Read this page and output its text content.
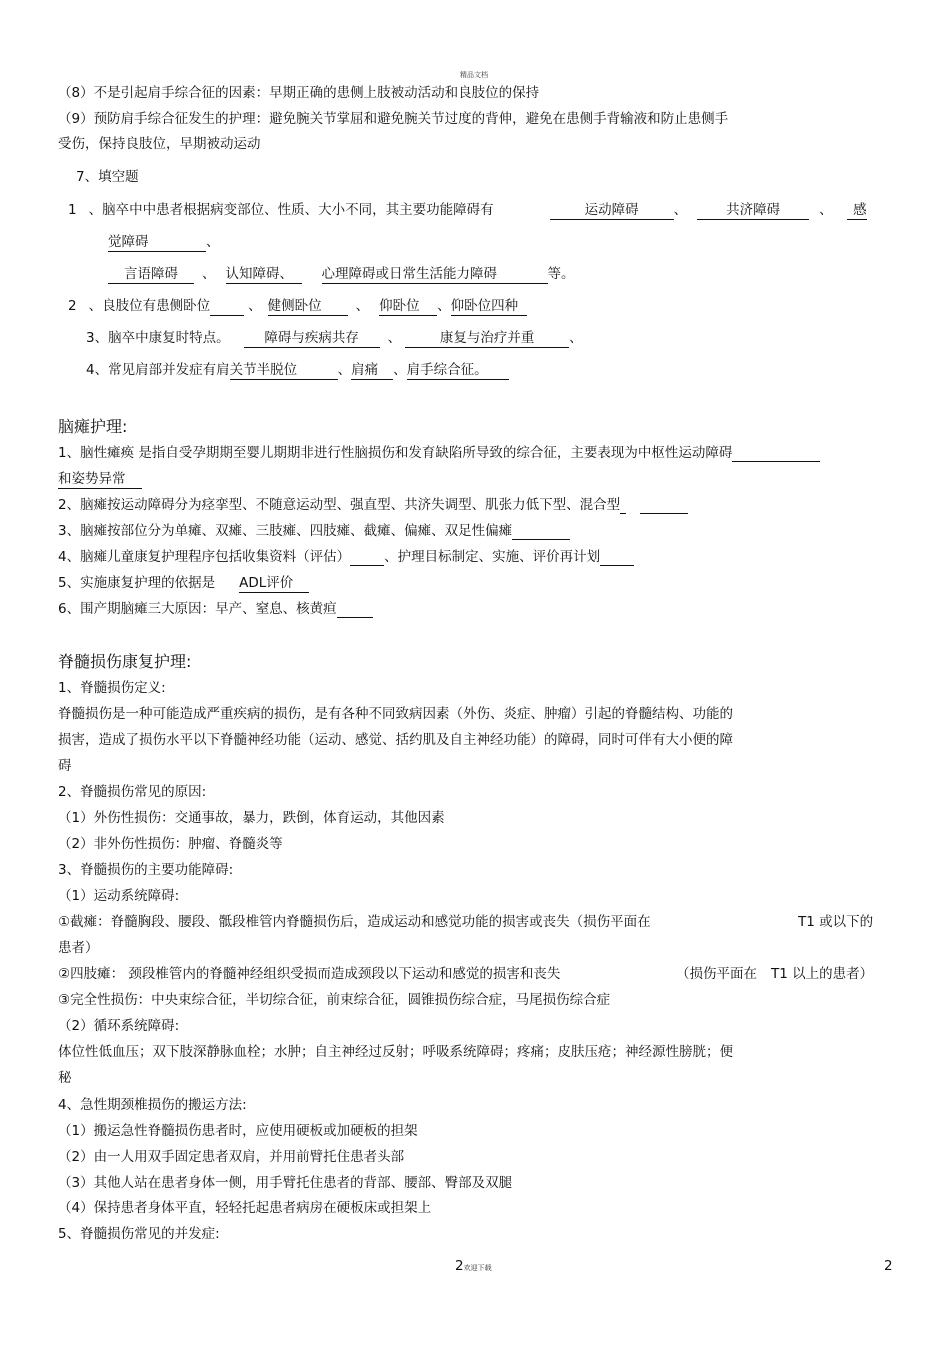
精品文档
（8）不是引起肩手综合征的因素：早期正确的患侧上肢被动活动和良肢位的保持
（9）预防肩手综合征发生的护理：避免腕关节掌屈和避免腕关节过度的背伸，避免在患侧手背输液和防止患侧手
受伤，保持良肢位，早期被动运动
7、填空题
1 、脑卒中中患者根据病变部位、性质、大小不同，其主要功能障碍有	运动障碍	、	共济障碍	、 感
觉障碍	、
言语障碍 、 认知障碍、 心理障碍或日常生活能力障碍	等。
2 、良肢位有患侧卧位	、 健侧卧位	、 仰卧位 、仰卧位四种
3、脑卒中康复时特点。	障碍与疾病共存 、	康复与治疗并重	、
4、常见肩部并发症有肩关节半脱位	、肩痛 、肩手综合征。
脑瘫护理:
1、脑性瘫痪 是指自受孕期期至婴儿期期非进行性脑损伤和发育缺陷所导致的综合征，主要表现为中枢性运动障碍
和姿势异常
2、脑瘫按运动障碍分为痉挛型、不随意运动型、强直型、共济失调型、肌张力低下型、混合型
3、脑瘫按部位分为单瘫、双瘫、三肢瘫、四肢瘫、截瘫、偏瘫、双足性偏瘫
4、脑瘫儿童康复护理程序包括收集资料（评估）	、护理目标制定、实施、评价再计划
5、实施康复护理的依据是 ADL评价
6、围产期脑瘫三大原因：早产、窒息、核黄疸
脊髓损伤康复护理:
1、脊髓损伤定义:
脊髓损伤是一种可能造成严重疾病的损伤，是有各种不同致病因素（外伤、炎症、肿瘤）引起的脊髓结构、功能的
损害，造成了损伤水平以下脊髓神经功能（运动、感觉、括约肌及自主神经功能）的障碍，同时可伴有大小便的障
碍
2、脊髓损伤常见的原因:
（1）外伤性损伤：交通事故，暴力，跌倒，体育运动，其他因素
（2）非外伤性损伤：肿瘤、脊髓炎等
3、脊髓损伤的主要功能障碍:
（1）运动系统障碍:
①截瘫：脊髓胸段、腰段、骶段椎管内脊髓损伤后，造成运动和感觉功能的损害或丧失（损伤平面在	T1 或以下的
患者）
②四肢瘫： 颈段椎管内的脊髓神经组织受损而造成颈段以下运动和感觉的损害和丧失	（损伤平面在 T1 以上的患者）
③完全性损伤：中央束综合征，半切综合征，前束综合征，圆锥损伤综合症，马尾损伤综合症
（2）循环系统障碍:
体位性低血压；双下肢深静脉血栓；水肿；自主神经过反射；呼吸系统障碍；疼痛；皮肤压疮；神经源性膀胱；便
秘
4、急性期颈椎损伤的搬运方法:
（1）搬运急性脊髓损伤患者时，应使用硬板或加硬板的担架
（2）由一人用双手固定患者双肩，并用前臂托住患者头部
（3）其他人站在患者身体一侧，用手臂托住患者的背部、腰部、臀部及双腿
（4）保持患者身体平直，轻轻托起患者病房在硬板床或担架上
5、脊髓损伤常见的并发症:
2欢迎下载	2
